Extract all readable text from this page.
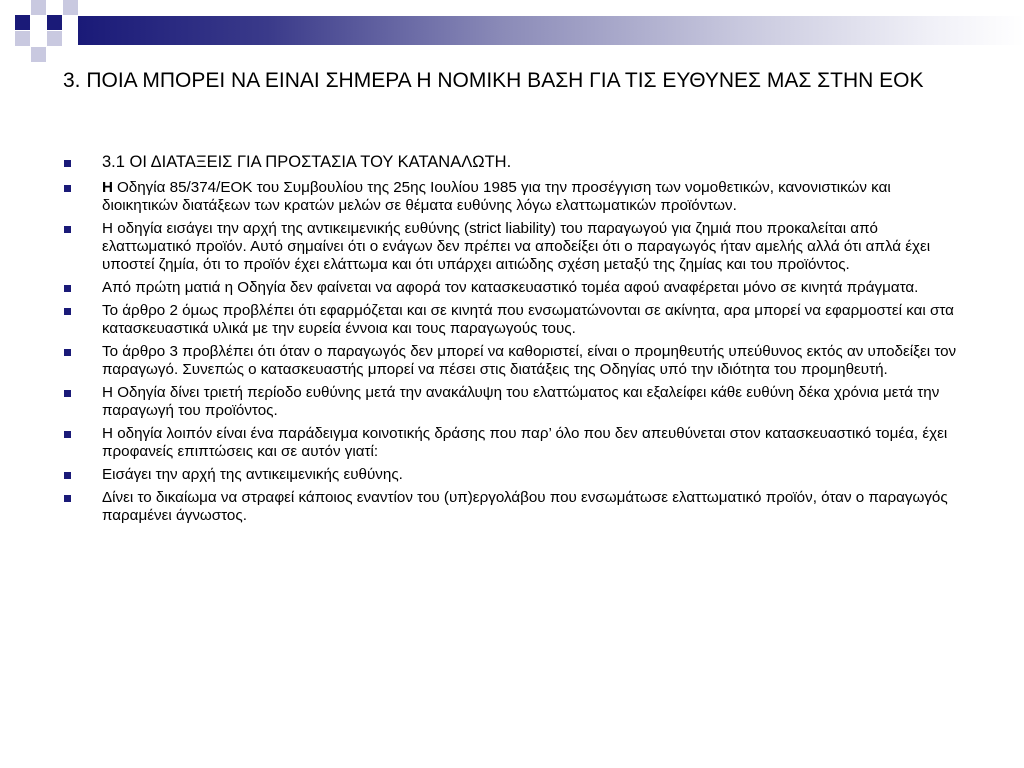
3. ΠΟΙΑ ΜΠΟΡΕΙ ΝΑ ΕΙΝΑΙ ΣΗΜΕΡΑ Η ΝΟΜΙΚΗ ΒΑΣΗ ΓΙΑ ΤΙΣ ΕΥΘΥΝΕΣ ΜΑΣ ΣΤΗΝ ΕΟΚ
3.1 ΟΙ ΔΙΑΤΑΞΕΙΣ ΓΙΑ ΠΡΟΣΤΑΣΙΑ ΤΟΥ ΚΑΤΑΝΑΛΩΤΗ.
Η Οδηγία 85/374/ΕΟΚ του Συμβουλίου της 25ης Ιουλίου 1985 για την προσέγγιση των νομοθετικών, κανονιστικών και διοικητικών διατάξεων των κρατών μελών σε θέματα ευθύνης λόγω ελαττωματικών προϊόντων.
Η οδηγία εισάγει την αρχή της αντικειμενικής ευθύνης (strict liability) του παραγωγού για ζημιά που προκαλείται από ελαττωματικό προϊόν. Αυτό σημαίνει ότι ο ενάγων δεν πρέπει να αποδείξει ότι ο παραγωγός ήταν αμελής αλλά ότι απλά έχει υποστεί ζημία, ότι το προϊόν έχει ελάττωμα και ότι υπάρχει αιτιώδης σχέση μεταξύ της ζημίας και του προϊόντος.
Από πρώτη ματιά η Οδηγία δεν φαίνεται να αφορά τον κατασκευαστικό τομέα αφού αναφέρεται μόνο σε κινητά πράγματα.
Το άρθρο 2 όμως προβλέπει ότι εφαρμόζεται και σε κινητά που ενσωματώνονται σε ακίνητα, αρα μπορεί να εφαρμοστεί και στα κατασκευαστικά υλικά με την ευρεία έννοια και τους παραγωγούς τους.
Το άρθρο 3 προβλέπει ότι όταν ο παραγωγός δεν μπορεί να καθοριστεί, είναι ο προμηθευτής υπεύθυνος εκτός αν υποδείξει τον παραγωγό. Συνεπώς ο κατασκευαστής μπορεί να πέσει στις διατάξεις της Οδηγίας υπό την ιδιότητα του προμηθευτή.
Η Οδηγία δίνει τριετή περίοδο ευθύνης μετά την ανακάλυψη του ελαττώματος και εξαλείφει κάθε ευθύνη δέκα χρόνια μετά την παραγωγή του προϊόντος.
Η οδηγία λοιπόν είναι ένα παράδειγμα κοινοτικής δράσης που παρ’ όλο που δεν απευθύνεται στον κατασκευαστικό τομέα, έχει προφανείς επιπτώσεις και σε αυτόν γιατί:
Εισάγει την αρχή της αντικειμενικής ευθύνης.
Δίνει το δικαίωμα να στραφεί κάποιος εναντίον του (υπ)εργολάβου που ενσωμάτωσε ελαττωματικό προϊόν, όταν ο παραγωγός παραμένει άγνωστος.
